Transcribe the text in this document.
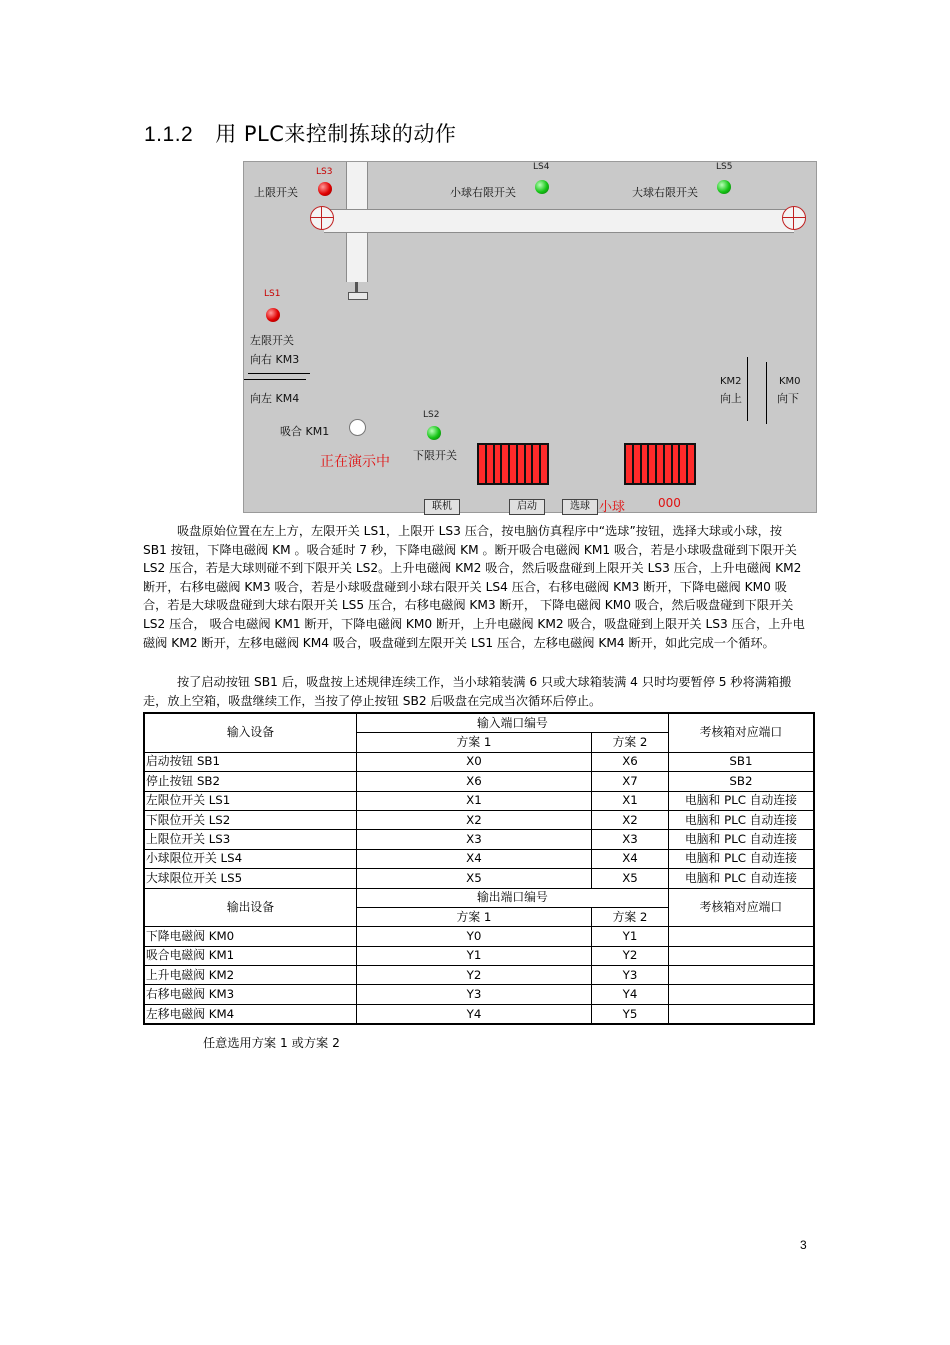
1.1.2 用 PLC来控制拣球的动作
LS3
上限开关
LS4
小球右限开关
LS5
大球右限开关
LS1
左限开关
向右 KM3
向左 KM4
KM2
向上
KM0
向下
吸合 KM1
LS2
下限开关
正在演示中
联机	启动	选球 小球	000
吸盘原始位置在左上方，左限开关 LS1，上限开 LS3 压合，按电脑仿真程序中“选球”按钮，选择大球或小球，按 SB1 按钮，下降电磁阀 KM 。吸合延时 7 秒，下降电磁阀 KM 。断开吸合电磁阀 KM1 吸合，若是小球吸盘碰到下限开关 LS2 压合，若是大球则碰不到下限开关 LS2。上升电磁阀 KM2 吸合，然后吸盘碰到上限开关 LS3 压合，上升电磁阀 KM2 断开，右移电磁阀 KM3 吸合，若是小球吸盘碰到小球右限开关 LS4 压合，右移电磁阀 KM3 断开，下降电磁阀 KM0 吸合，若是大球吸盘碰到大球右限开关 LS5 压合，右移电磁阀 KM3 断开， 下降电磁阀 KM0 吸合，然后吸盘碰到下限开关 LS2 压合， 吸合电磁阀 KM1 断开，下降电磁阀 KM0 断开，上升电磁阀 KM2 吸合，吸盘碰到上限开关 LS3 压合，上升电磁阀 KM2 断开，左移电磁阀 KM4 吸合，吸盘碰到左限开关 LS1 压合，左移电磁阀 KM4 断开，如此完成一个循环。
按了启动按钮 SB1 后，吸盘按上述规律连续工作，当小球箱装满 6 只或大球箱装满 4 只时均要暂停 5 秒将满箱搬走，放上空箱，吸盘继续工作，当按了停止按钮 SB2 后吸盘在完成当次循环后停止。
输入设备	输入端口编号		考核箱对应端口
	方案 1	方案 2	
启动按钮 SB1	X0	X6	SB1
停止按钮 SB2	X6	X7	SB2
左限位开关 LS1	X1	X1	电脑和 PLC 自动连接
下限位开关 LS2	X2	X2	电脑和 PLC 自动连接
上限位开关 LS3	X3	X3	电脑和 PLC 自动连接
小球限位开关 LS4	X4	X4	电脑和 PLC 自动连接
大球限位开关 LS5	X5	X5	电脑和 PLC 自动连接
输出设备	输出端口编号		考核箱对应端口
	方案 1	方案 2	
下降电磁阀 KM0	Y0	Y1	
吸合电磁阀 KM1	Y1	Y2	
上升电磁阀 KM2	Y2	Y3	
右移电磁阀 KM3	Y3	Y4	
左移电磁阀 KM4	Y4	Y5	
任意选用方案 1 或方案 2
3
